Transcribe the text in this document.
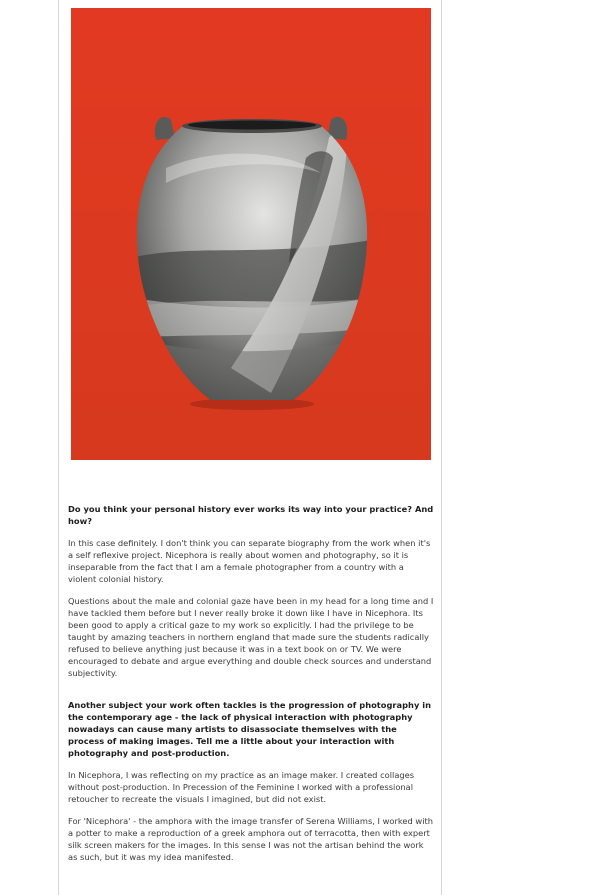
Do you think your personal history ever works its way into your practice? And how?

In this case definitely. I don't think you can separate biography from the work when it's a self reflexive project. Nicephora is really about women and photography, so it is inseparable from the fact that I am a female photographer from a country with a violent colonial history.

Questions about the male and colonial gaze have been in my head for a long time and I have tackled them before but I never really broke it down like I have in Nicephora. Its been good to apply a critical gaze to my work so explicitly. I had the privilege to be taught by amazing teachers in northern england that made sure the students radically refused to believe anything just because it was in a text book on or TV. We were encouraged to debate and argue everything and double check sources and understand subjectivity.

Another subject your work often tackles is the progression of photography in the contemporary age - the lack of physical interaction with photography nowadays can cause many artists to disassociate themselves with the process of making images. Tell me a little about your interaction with photography and post-production.

In Nicephora, I was reflecting on my practice as an image maker. I created collages without post-production. In Precession of the Feminine I worked with a professional retoucher to recreate the visuals I imagined, but did not exist.

For 'Nicephora' - the amphora with the image transfer of Serena Williams, I worked with a potter to make a reproduction of a greek amphora out of terracotta, then with expert silk screen makers for the images. In this sense I was not the artisan behind the work as such, but it was my idea manifested.
